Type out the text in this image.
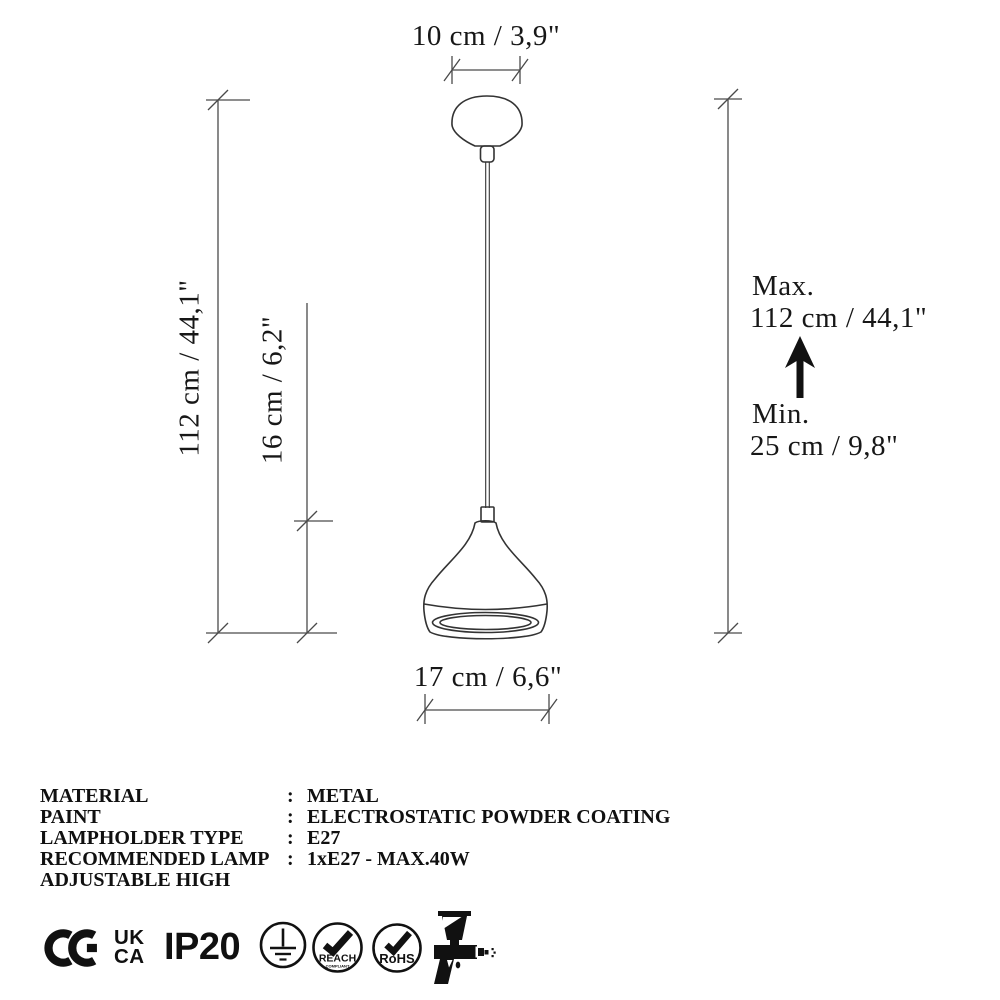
10 cm / 3,9"
112 cm / 44,1" 16 cm / 6,2"
Max.
112 cm / 44,1"
Min.
25 cm / 9,8"
17 cm / 6,6"
MATERIAL	: METAL
PAINT	: ELECTROSTATIC POWDER COATING
LAMPHOLDER TYPE	: E27
RECOMMENDED LAMP : 1xE27 - MAX.40W
ADJUSTABLE HIGH
UK
CA IP20	REACH
COMPLIANT RoHS
